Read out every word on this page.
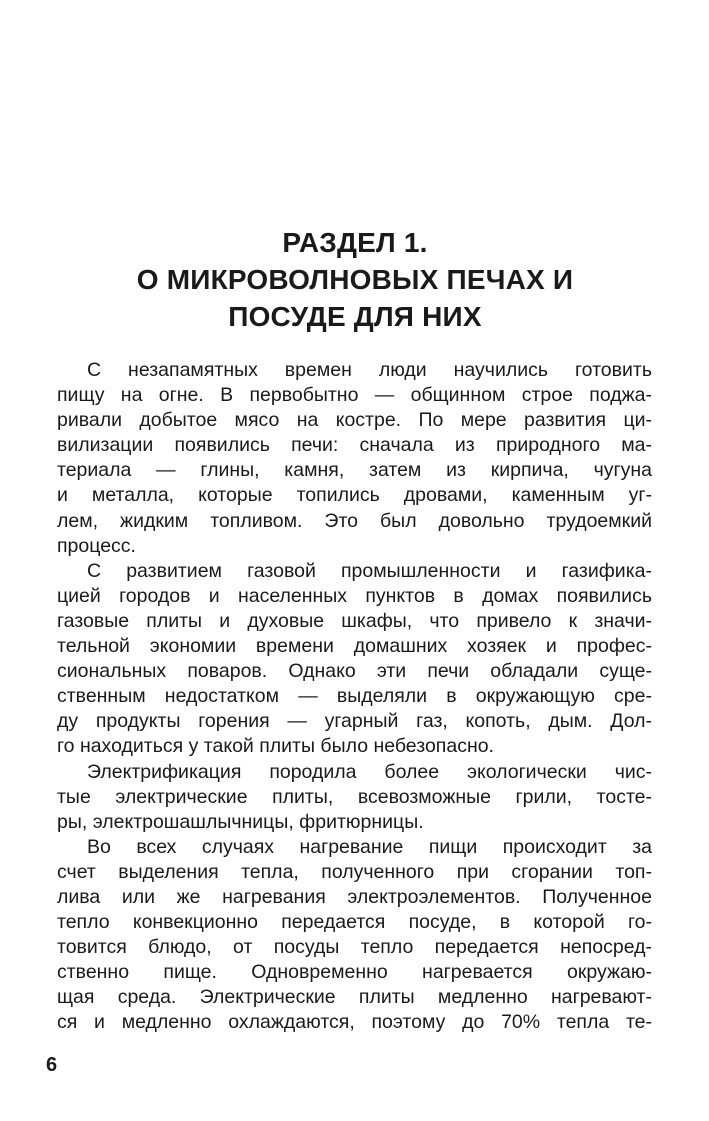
РАЗДЕЛ 1.
О МИКРОВОЛНОВЫХ ПЕЧАХ И
ПОСУДЕ ДЛЯ НИХ
С незапамятных времен люди научились готовить
пищу на огне. В первобытно — общинном строе поджа-
ривали добытое мясо на костре. По мере развития ци-
вилизации появились печи: сначала из природного ма-
териала — глины, камня, затем из кирпича, чугуна
и металла, которые топились дровами, каменным уг-
лем, жидким топливом. Это был довольно трудоемкий
процесс.
С развитием газовой промышленности и газифика-
цией городов и населенных пунктов в домах появились
газовые плиты и духовые шкафы, что привело к значи-
тельной экономии времени домашних хозяек и профес-
сиональных поваров. Однако эти печи обладали суще-
ственным недостатком — выделяли в окружающую сре-
ду продукты горения — угарный газ, копоть, дым. Дол-
го находиться у такой плиты было небезопасно.
Электрификация породила более экологически чис-
тые электрические плиты, всевозможные грили, тосте-
ры, электрошашлычницы, фритюрницы.
Во всех случаях нагревание пищи происходит за
счет выделения тепла, полученного при сгорании топ-
лива или же нагревания электроэлементов. Полученное
тепло конвекционно передается посуде, в которой го-
товится блюдо, от посуды тепло передается непосред-
ственно пище. Одновременно нагревается окружаю-
щая среда. Электрические плиты медленно нагревают-
ся и медленно охлаждаются, поэтому до 70% тепла те-
6
